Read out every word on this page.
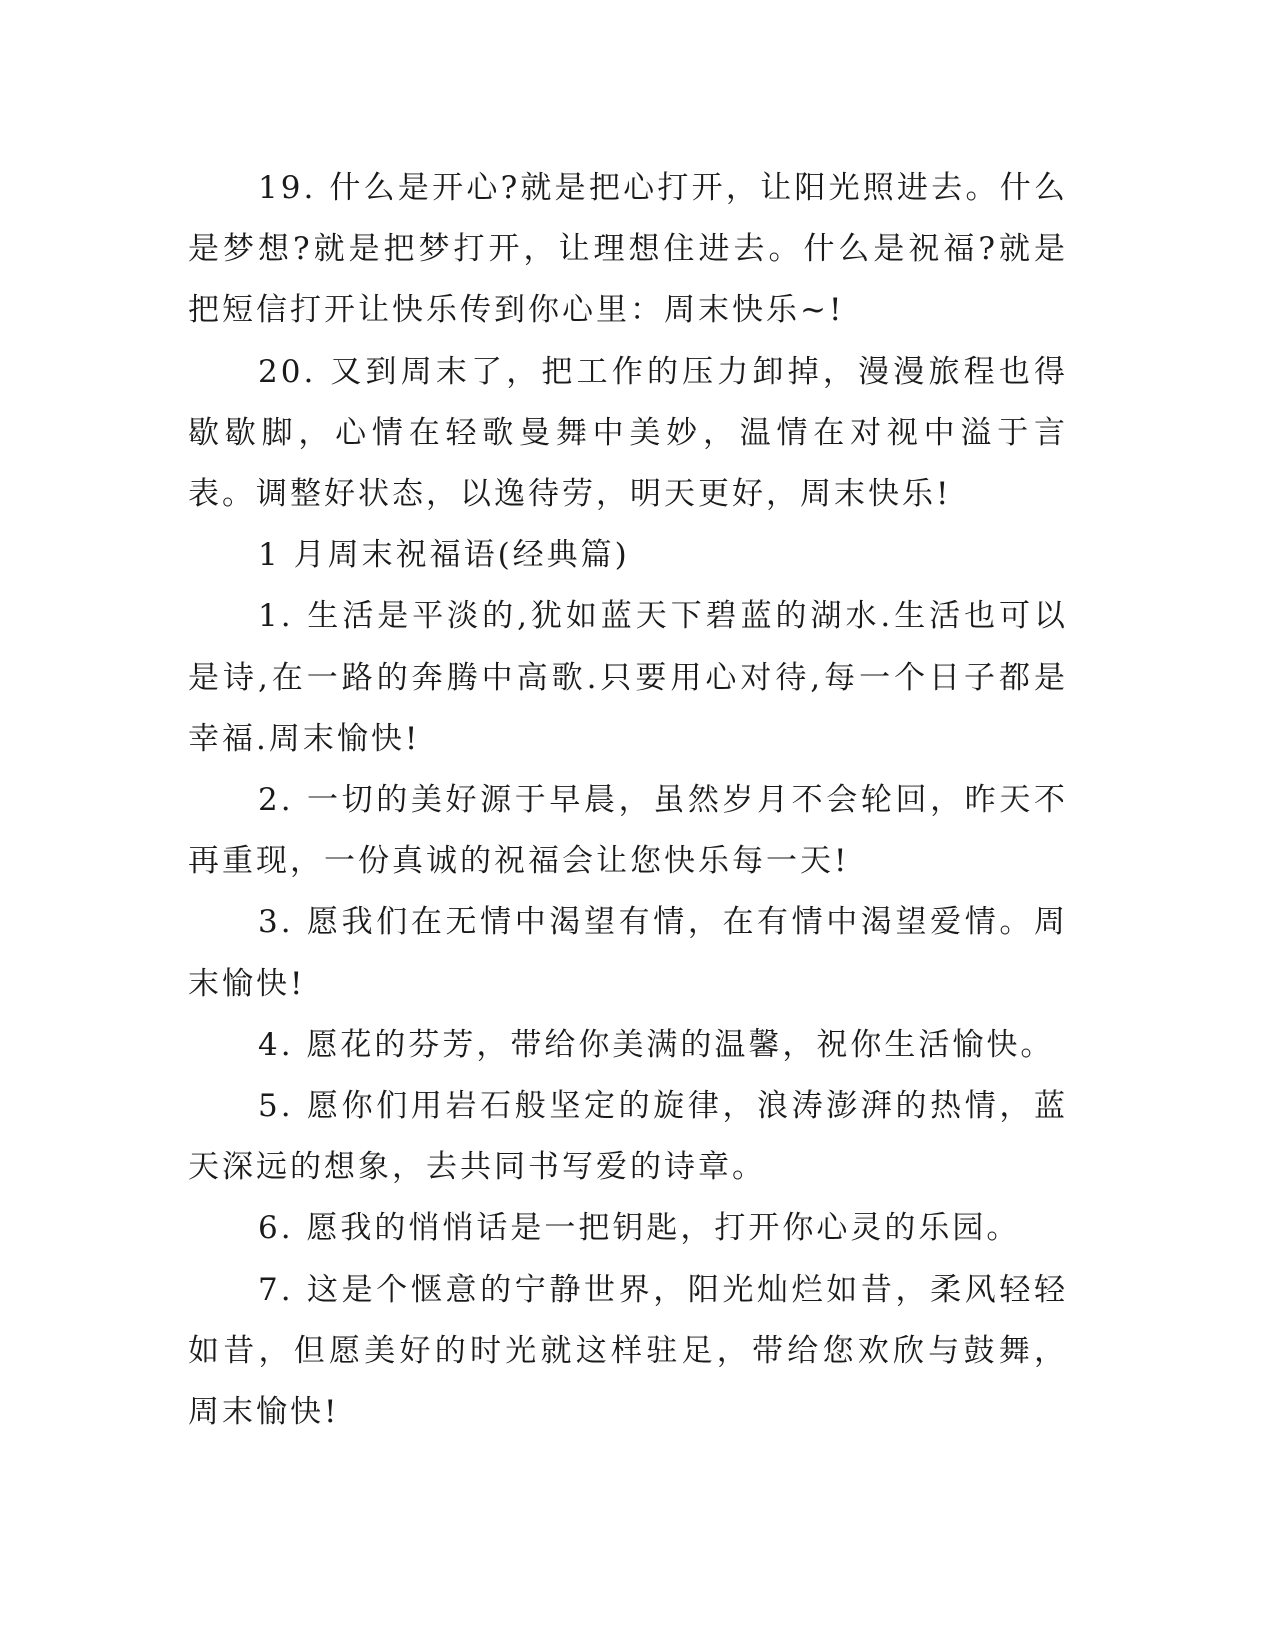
19. 什么是开心?就是把心打开，让阳光照进去。什么是梦想?就是把梦打开，让理想住进去。什么是祝福?就是把短信打开让快乐传到你心里：周末快乐~!

20. 又到周末了，把工作的压力卸掉，漫漫旅程也得歇歇脚，心情在轻歌曼舞中美妙，温情在对视中溢于言表。调整好状态，以逸待劳，明天更好，周末快乐!

1 月周末祝福语(经典篇)

1. 生活是平淡的,犹如蓝天下碧蓝的湖水.生活也可以是诗,在一路的奔腾中高歌.只要用心对待,每一个日子都是幸福.周末愉快!

2. 一切的美好源于早晨，虽然岁月不会轮回，昨天不再重现，一份真诚的祝福会让您快乐每一天!

3. 愿我们在无情中渴望有情，在有情中渴望爱情。周末愉快!

4. 愿花的芬芳，带给你美满的温馨，祝你生活愉快。

5. 愿你们用岩石般坚定的旋律，浪涛澎湃的热情，蓝天深远的想象，去共同书写爱的诗章。

6. 愿我的悄悄话是一把钥匙，打开你心灵的乐园。

7. 这是个惬意的宁静世界，阳光灿烂如昔，柔风轻轻如昔，但愿美好的时光就这样驻足，带给您欢欣与鼓舞，周末愉快!
